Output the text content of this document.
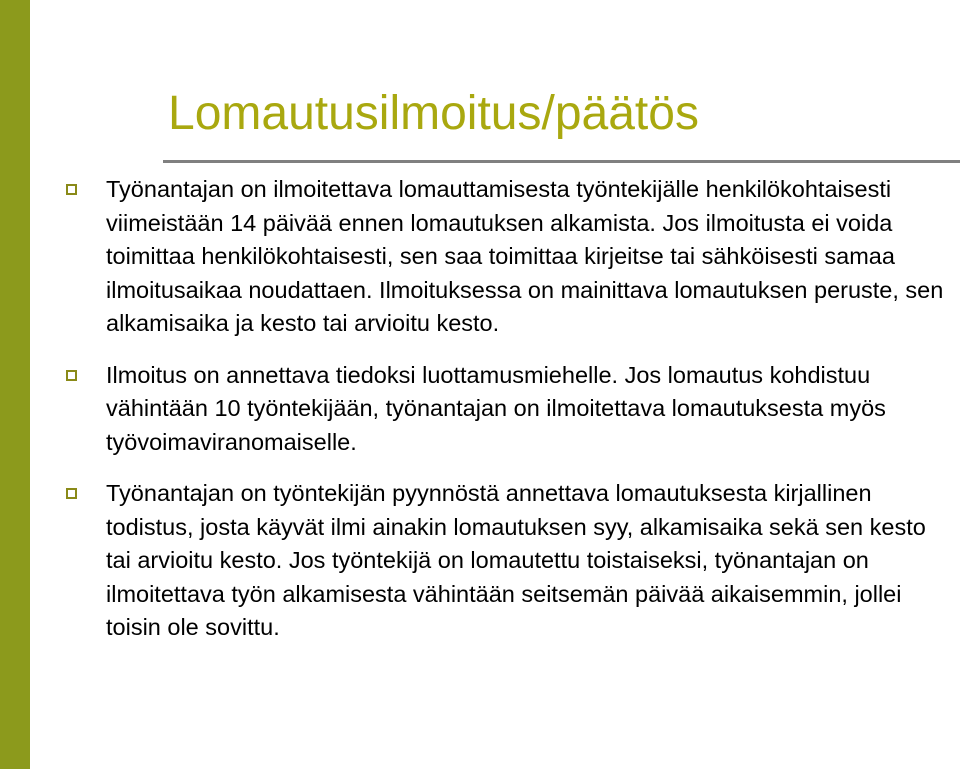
Lomautusilmoitus/päätös
Työnantajan on ilmoitettava lomauttamisesta työntekijälle henkilökohtaisesti viimeistään 14 päivää ennen lomautuksen alkamista. Jos ilmoitusta ei voida toimittaa henkilökohtaisesti, sen saa toimittaa kirjeitse tai sähköisesti samaa ilmoitusaikaa noudattaen. Ilmoituksessa on mainittava lomautuksen peruste, sen alkamisaika ja kesto tai arvioitu kesto.
Ilmoitus on annettava tiedoksi luottamusmiehelle. Jos lomautus kohdistuu vähintään 10 työntekijään, työnantajan on ilmoitettava lomautuksesta myös työvoimaviranomaiselle.
Työnantajan on työntekijän pyynnöstä annettava lomautuksesta kirjallinen todistus, josta käyvät ilmi ainakin lomautuksen syy, alkamisaika sekä sen kesto tai arvioitu kesto. Jos työntekijä on lomautettu toistaiseksi, työnantajan on ilmoitettava työn alkamisesta vähintään seitsemän päivää aikaisemmin, jollei toisin ole sovittu.
